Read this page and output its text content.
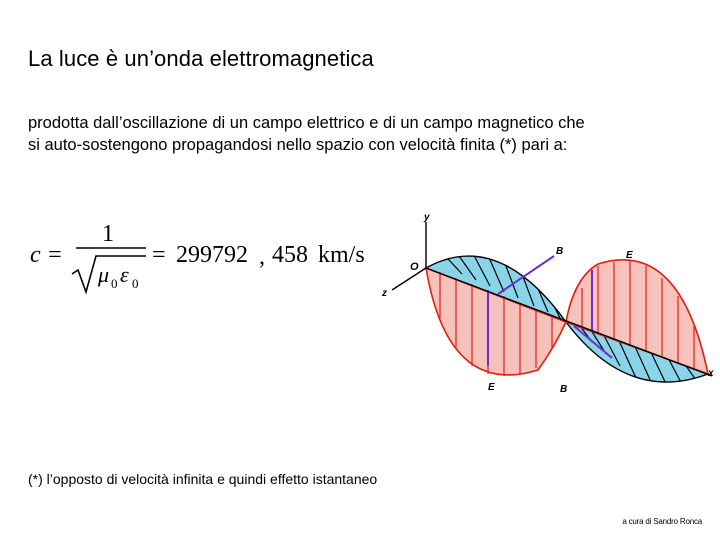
La luce è un’onda elettromagnetica
prodotta dall’oscillazione di un campo elettrico e di un campo magnetico che
si auto-sostengono propagandosi nello spazio con velocità finita (*) pari a:
c =
1
μ 0 ε 0
= 299792 , 458 km/s
y
x
z
O
B	E
E	B
(*) l’opposto di velocità infinita e quindi effetto istantaneo
a cura di Sandro Ronca
